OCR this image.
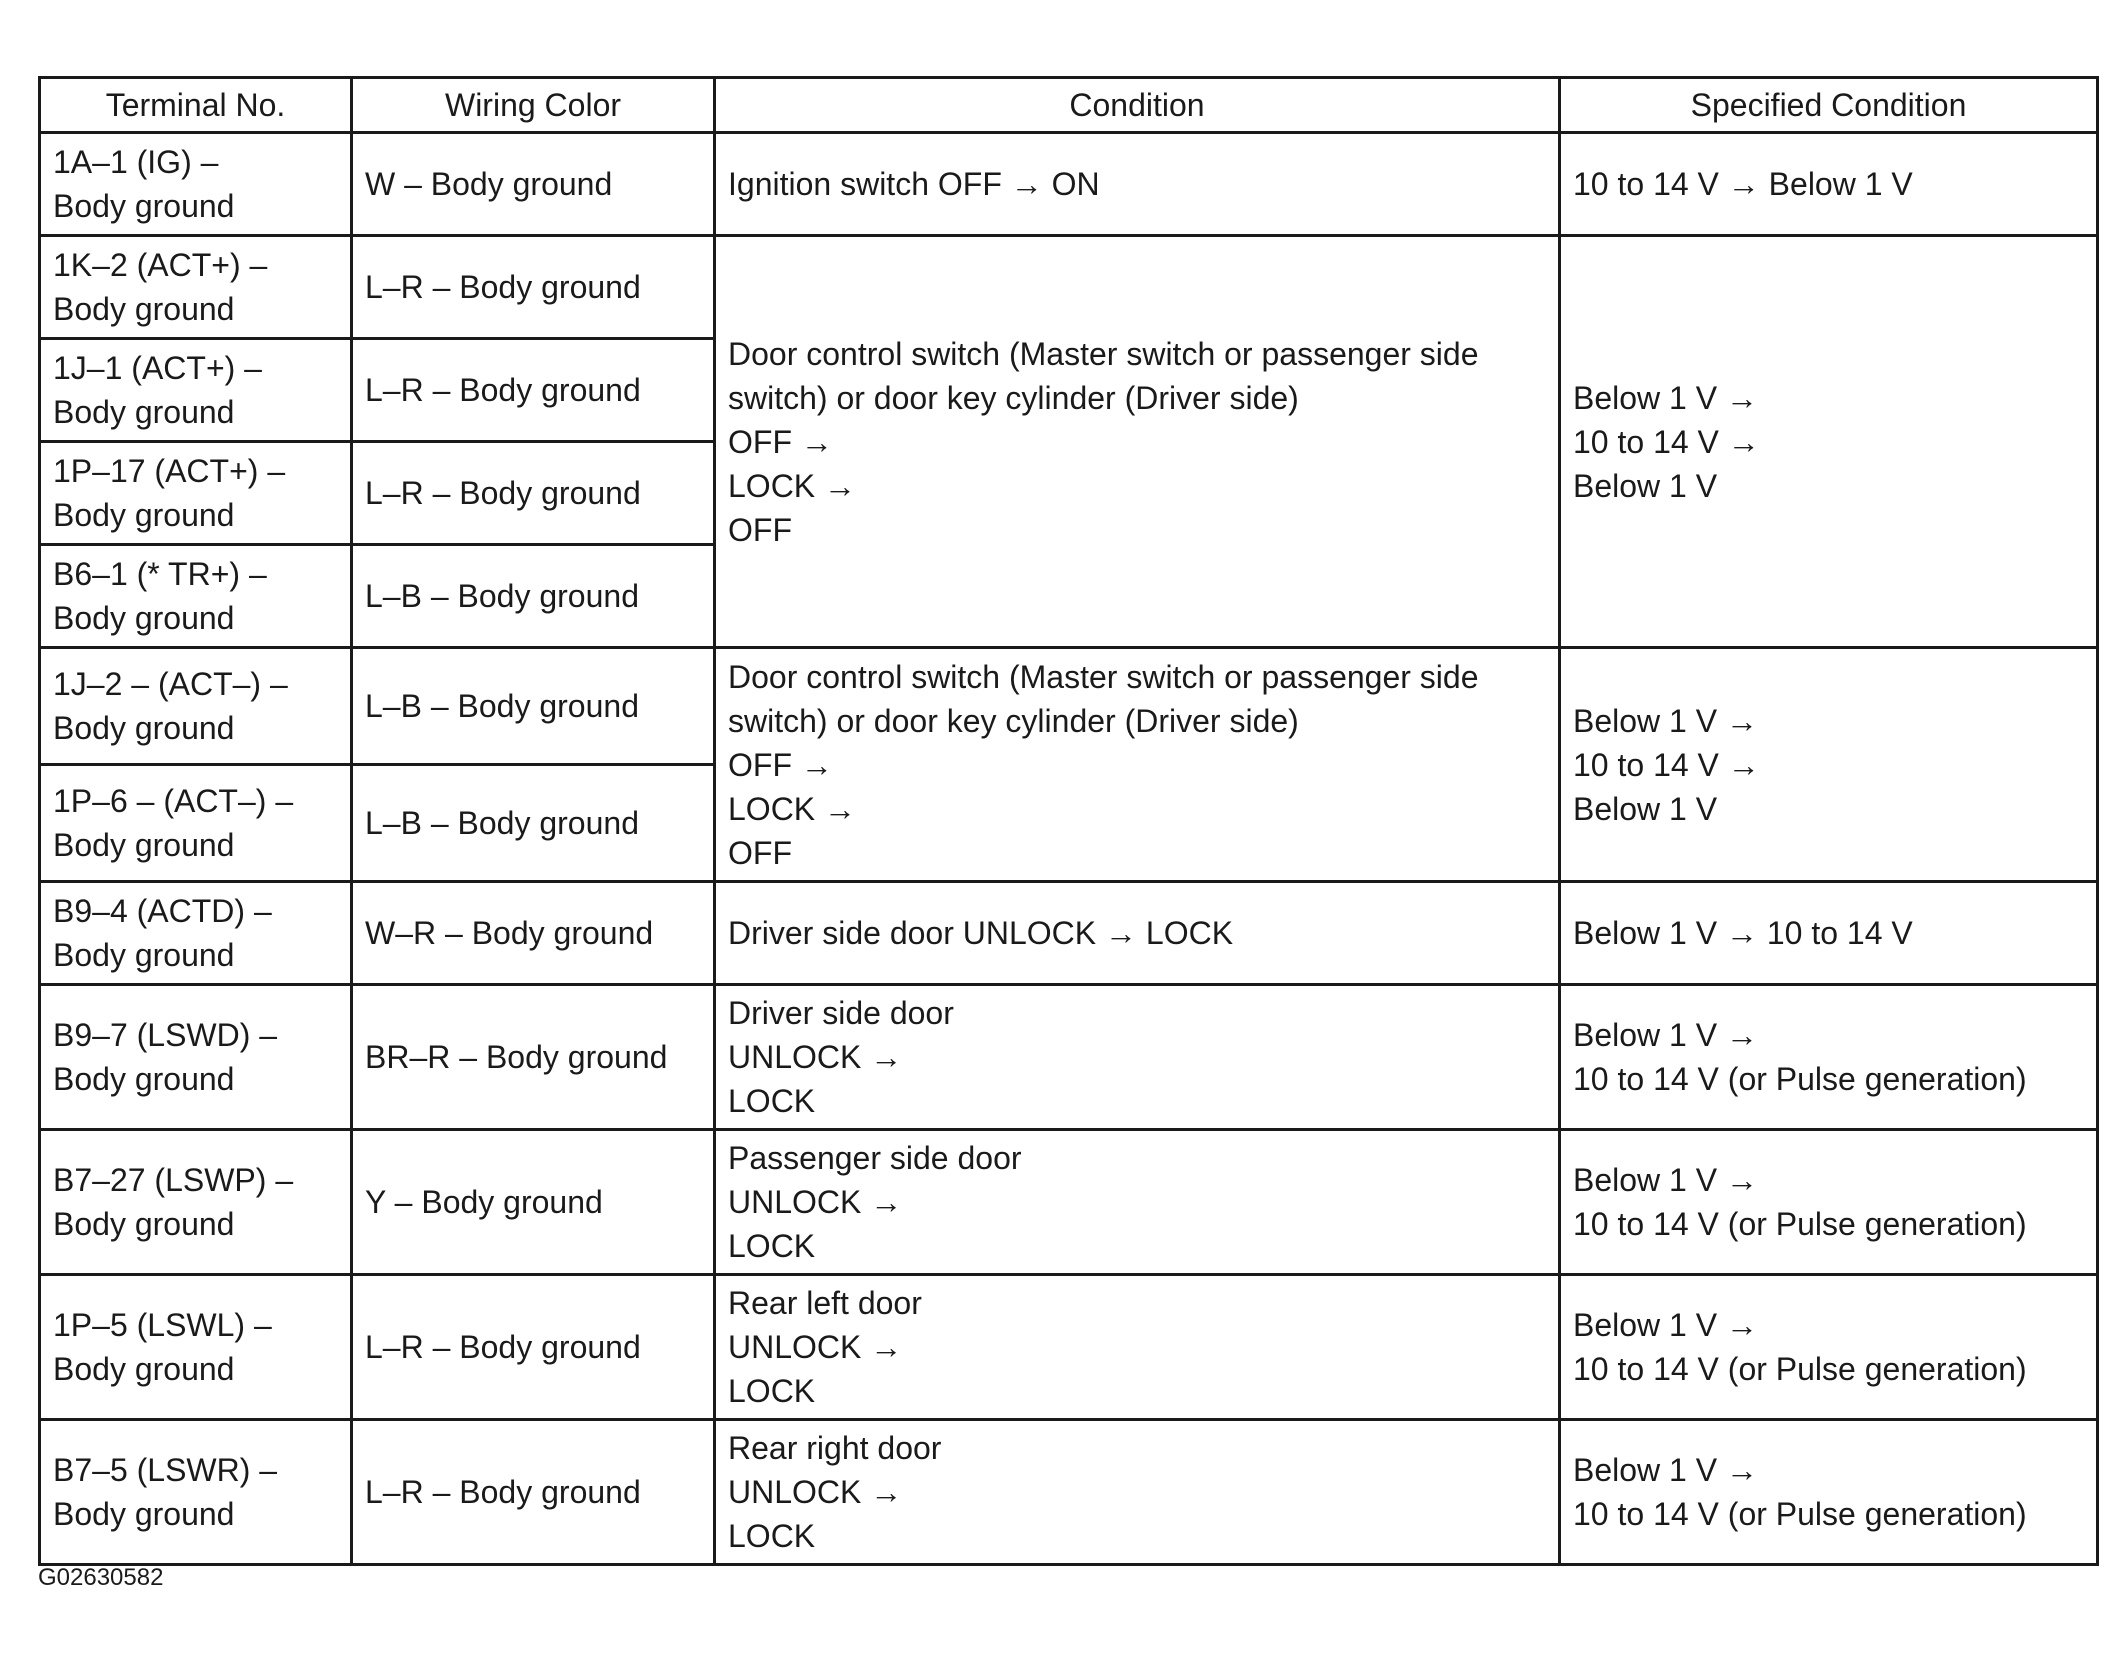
Terminal No.	Wiring Color	Condition	Specified Condition

1A–1 (IG) –
Body ground	W – Body ground	Ignition switch OFF → ON	10 to 14 V → Below 1 V

1K–2 (ACT+) –
Body ground	L–R – Body ground	Door control switch (Master switch or passenger side
switch) or door key cylinder (Driver side)
OFF →
LOCK →
OFF	Below 1 V →
10 to 14 V →
Below 1 V

1J–1 (ACT+) –
Body ground	L–R – Body ground		

1P–17 (ACT+) –
Body ground	L–R – Body ground		

B6–1 (* TR+) –
Body ground	L–B – Body ground		

1J–2 – (ACT–) –
Body ground	L–B – Body ground	Door control switch (Master switch or passenger side
switch) or door key cylinder (Driver side)
OFF →
LOCK →
OFF	Below 1 V →
10 to 14 V →
Below 1 V

1P–6 – (ACT–) –
Body ground	L–B – Body ground		

B9–4 (ACTD) –
Body ground	W–R – Body ground	Driver side door UNLOCK → LOCK	Below 1 V → 10 to 14 V

B9–7 (LSWD) –
Body ground	BR–R – Body ground	Driver side door
UNLOCK →
LOCK	Below 1 V →
10 to 14 V (or Pulse generation)

B7–27 (LSWP) –
Body ground	Y – Body ground	Passenger side door
UNLOCK →
LOCK	Below 1 V →
10 to 14 V (or Pulse generation)

1P–5 (LSWL) –
Body ground	L–R – Body ground	Rear left door
UNLOCK →
LOCK	Below 1 V →
10 to 14 V (or Pulse generation)

B7–5 (LSWR) –
Body ground	L–R – Body ground	Rear right door
UNLOCK →
LOCK	Below 1 V →
10 to 14 V (or Pulse generation)
G02630582
